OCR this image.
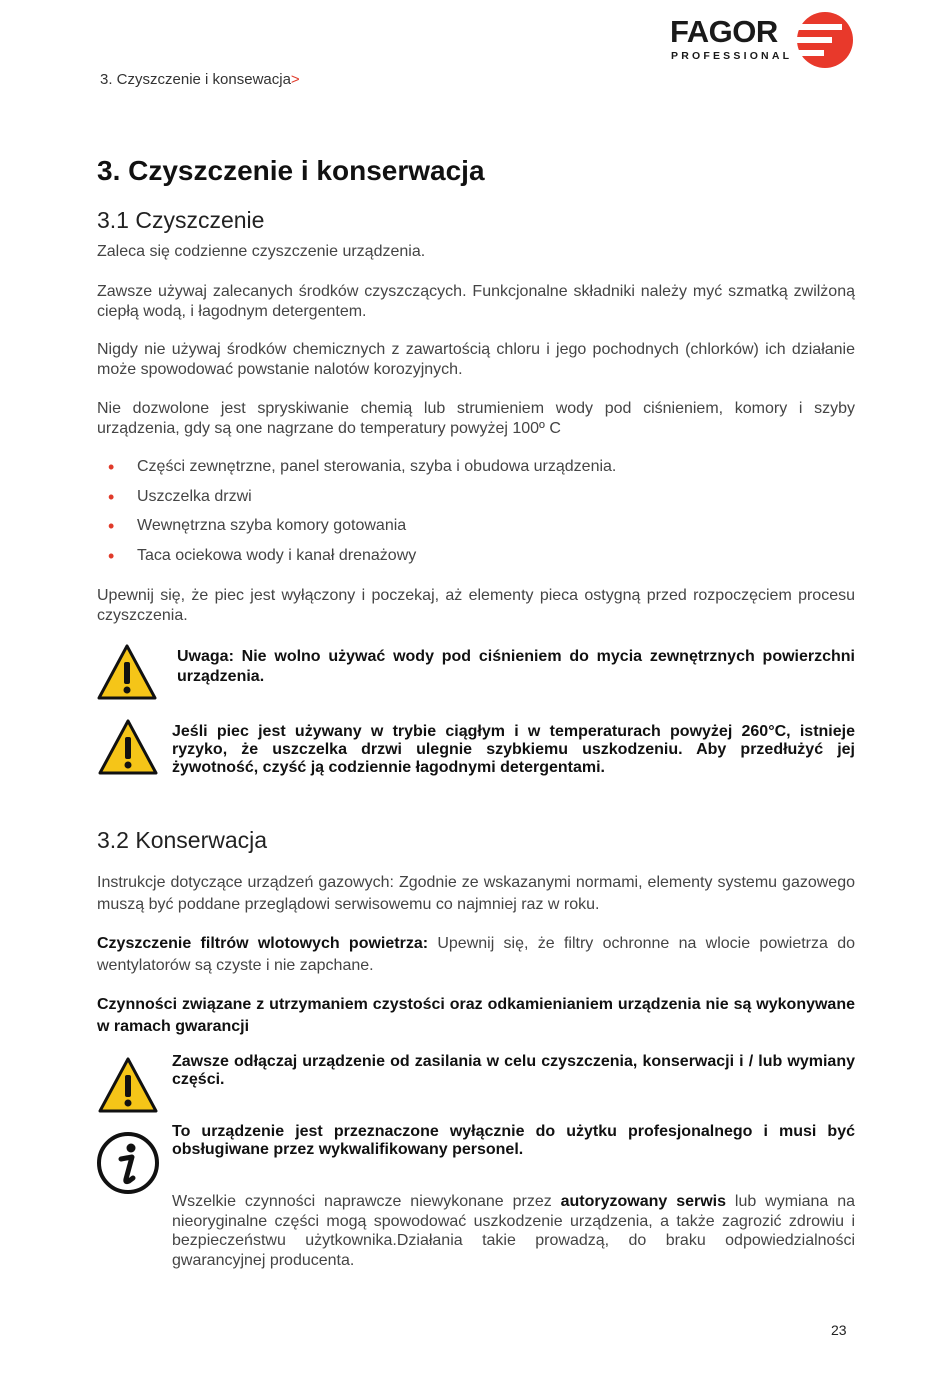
FAGOR
PROFESSIONAL
3. Czyszczenie i konsewacja>
3. Czyszczenie i konserwacja
3.1 Czyszczenie
Zaleca się codzienne czyszczenie urządzenia.
Zawsze używaj zalecanych środków czyszczących. Funkcjonalne składniki należy myć szmatką zwilżoną ciepłą wodą, i łagodnym detergentem.
Nigdy nie używaj środków chemicznych z zawartością chloru i jego pochodnych (chlorków) ich działanie może spowodować powstanie nalotów korozyjnych.
Nie dozwolone jest spryskiwanie chemią lub strumieniem wody pod ciśnieniem, komory i szyby urządzenia, gdy są one nagrzane do temperatury powyżej 100º C
• Części zewnętrzne, panel sterowania, szyba i obudowa urządzenia.
• Uszczelka drzwi
• Wewnętrzna szyba komory gotowania
• Taca ociekowa wody i kanał drenażowy
Upewnij się, że piec jest wyłączony i poczekaj, aż elementy pieca ostygną przed rozpoczęciem procesu czyszczenia.
Uwaga: Nie wolno używać wody pod ciśnieniem do mycia zewnętrznych powierzchni urządzenia.
Jeśli piec jest używany w trybie ciągłym i w temperaturach powyżej 260°C, istnieje ryzyko, że uszczelka drzwi ulegnie szybkiemu uszkodzeniu. Aby przedłużyć jej żywotność, czyść ją codziennie łagodnymi detergentami.
3.2 Konserwacja
Instrukcje dotyczące urządzeń gazowych: Zgodnie ze wskazanymi normami, elementy systemu gazowego muszą być poddane przeglądowi serwisowemu co najmniej raz w roku.
Czyszczenie filtrów wlotowych powietrza: Upewnij się, że filtry ochronne na wlocie powietrza do wentylatorów są czyste i nie zapchane.
Czynności związane z utrzymaniem czystości oraz odkamienianiem urządzenia nie są wykonywane w ramach gwarancji
Zawsze odłączaj urządzenie od zasilania w celu czyszczenia, konserwacji i / lub wymiany części.
To urządzenie jest przeznaczone wyłącznie do użytku profesjonalnego i musi być obsługiwane przez wykwalifikowany personel.
Wszelkie czynności naprawcze niewykonane przez autoryzowany serwis lub wymiana na nieoryginalne części mogą spowodować uszkodzenie urządzenia, a także zagrozić zdrowiu i bezpieczeństwu użytkownika.Działania takie prowadzą, do braku odpowiedzialności gwarancyjnej producenta.
23
